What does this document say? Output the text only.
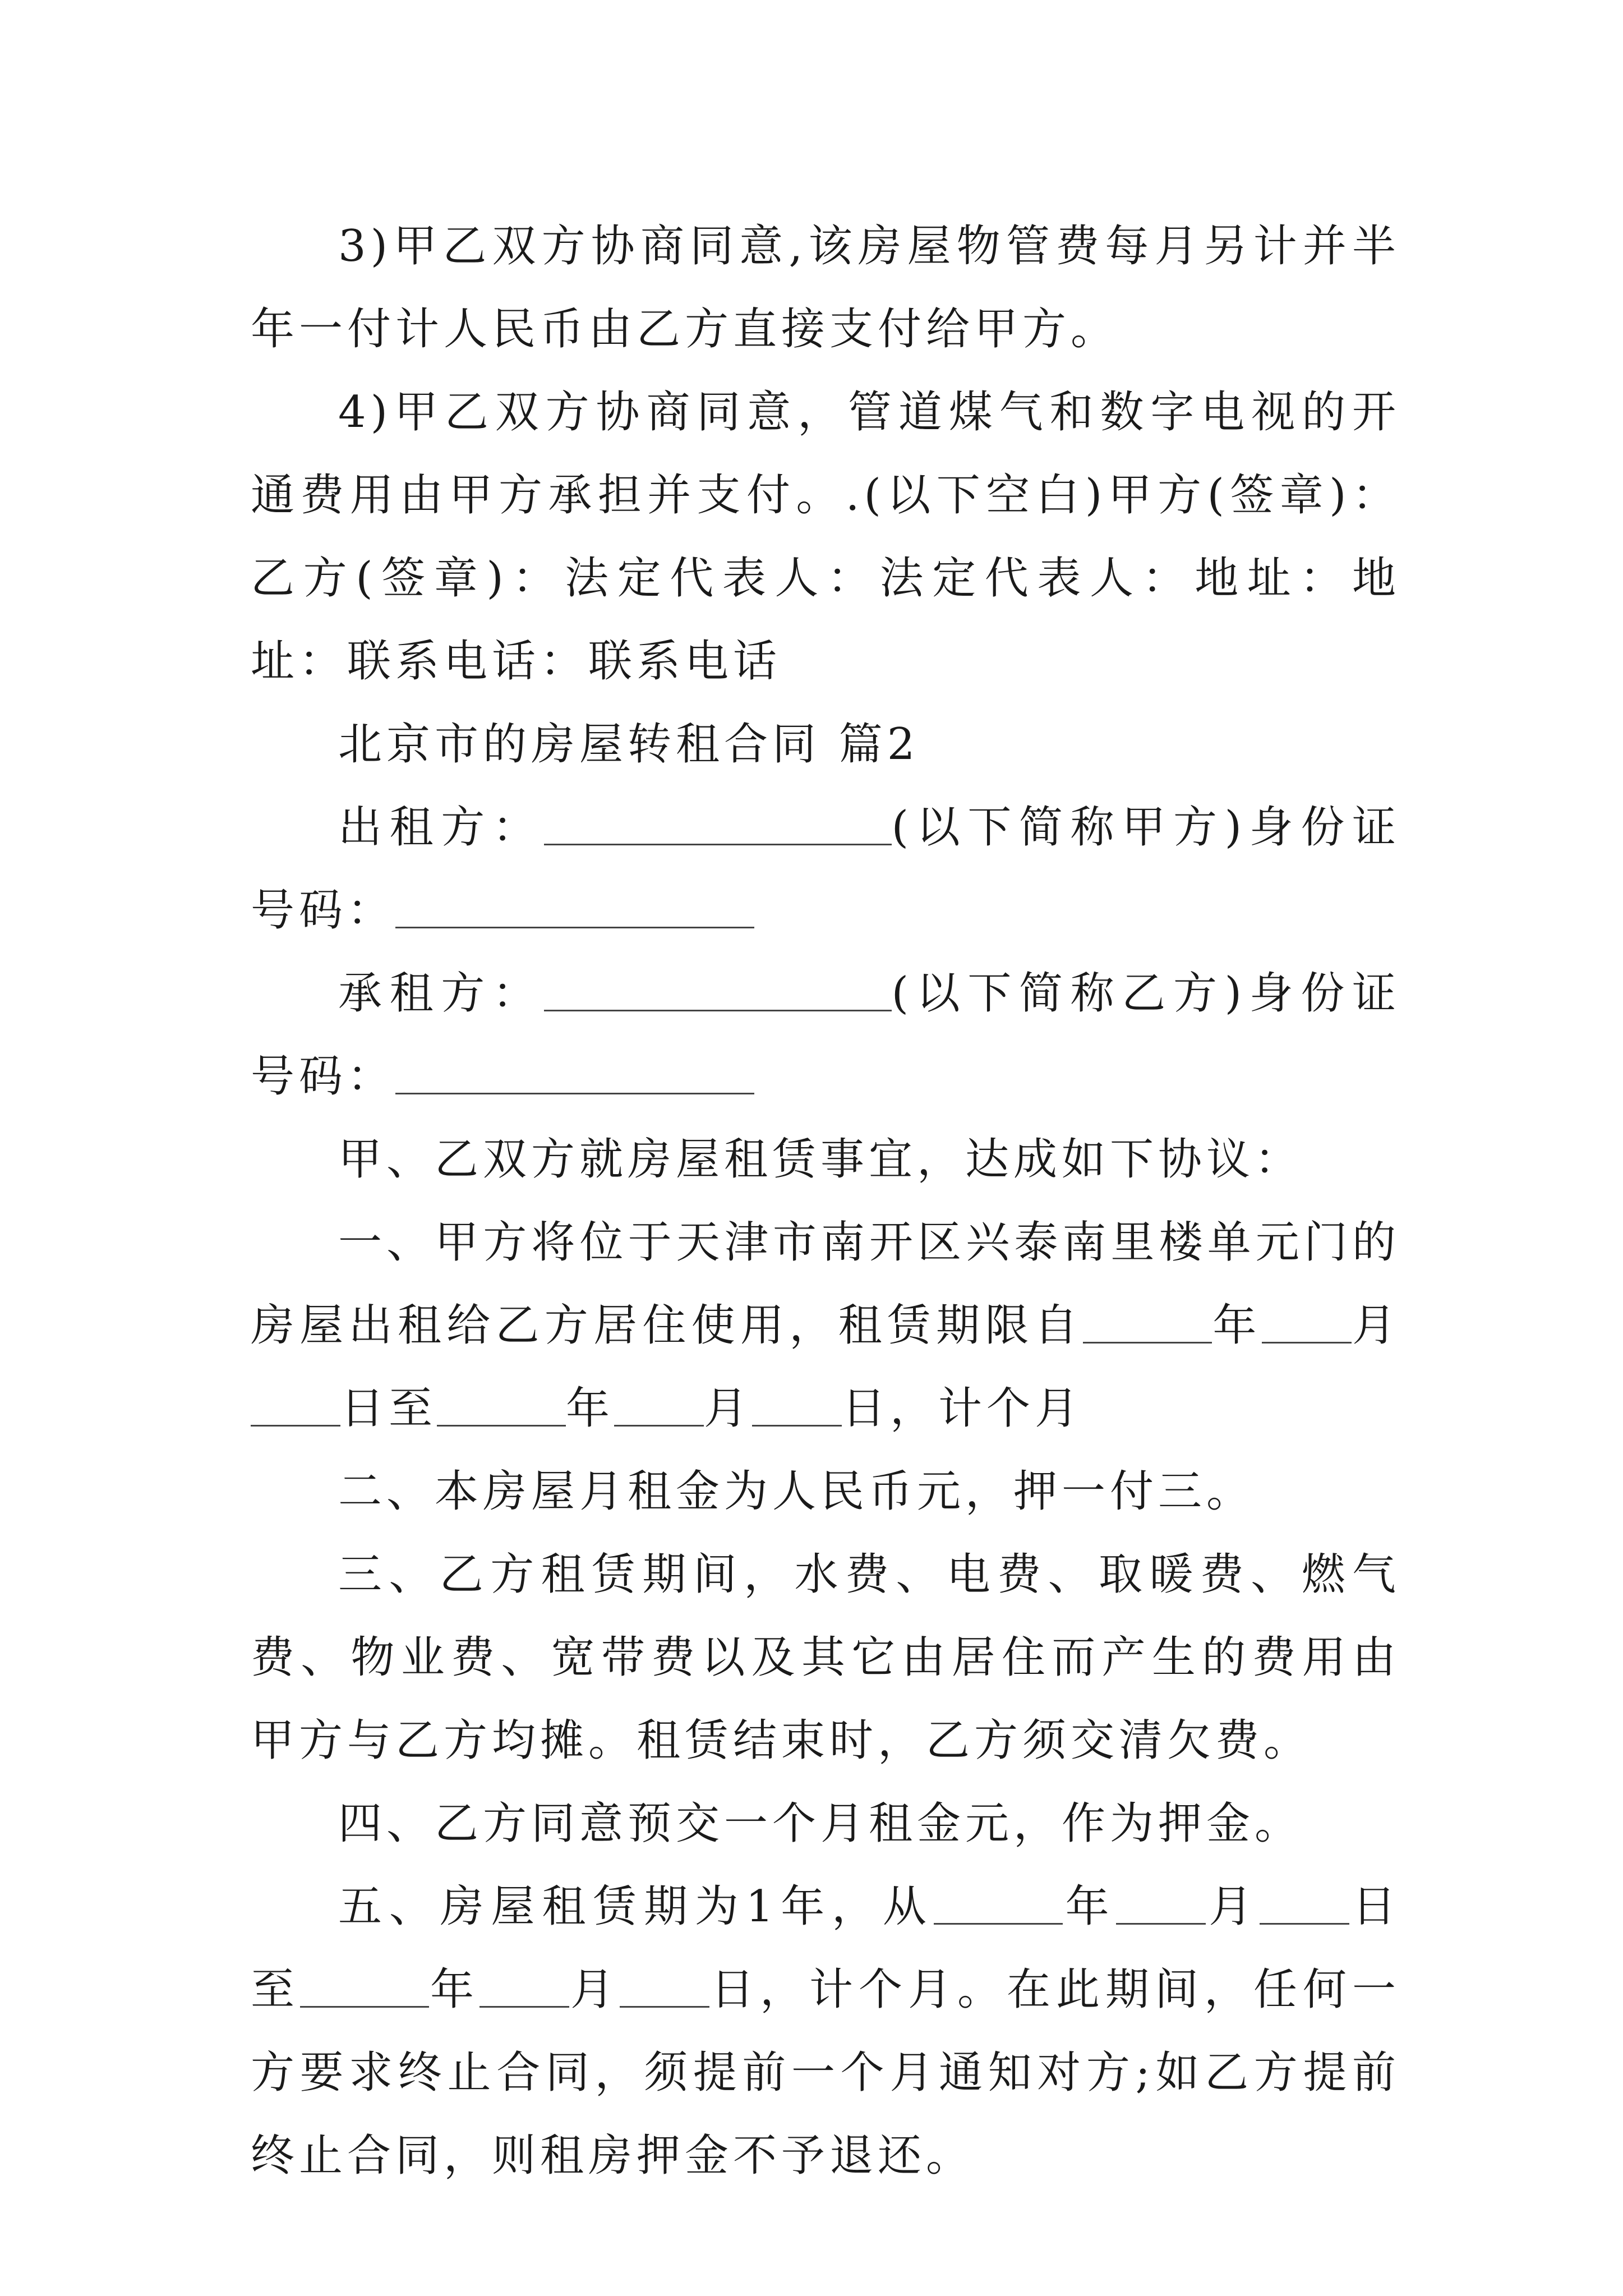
3)甲乙双方协商同意,该房屋物管费每月另计并半年一付计人民币由乙方直接支付给甲方。

4)甲乙双方协商同意，管道煤气和数字电视的开通费用由甲方承担并支付。.(以下空白)甲方(签章)：乙方(签章)：法定代表人：法定代表人：地址：地址：联系电话：联系电话

北京市的房屋转租合同 篇2

出租方：	(以下简称甲方)身份证号码：

承租方：	(以下简称乙方)身份证号码：

甲、乙双方就房屋租赁事宜，达成如下协议：

一、甲方将位于天津市南开区兴泰南里楼单元门的房屋出租给乙方居住使用，租赁期限自	年 月日至	年 月 日，计个月

二、本房屋月租金为人民币元，押一付三。

三、乙方租赁期间，水费、电费、取暖费、燃气费、物业费、宽带费以及其它由居住而产生的费用由甲方与乙方均摊。租赁结束时，乙方须交清欠费。

四、乙方同意预交一个月租金元，作为押金。

五、房屋租赁期为1年，从	年 月 日至	年 月 日，计个月。在此期间，任何一方要求终止合同，须提前一个月通知对方;如乙方提前终止合同，则租房押金不予退还。
